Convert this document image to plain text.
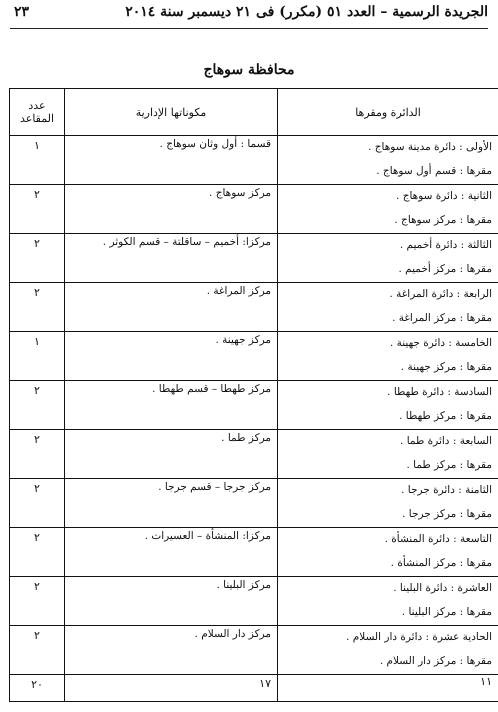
الجريدة الرسمية – العدد ٥١ (مكرر) فى ٢١ ديسمبر سنة ٢٠١٤
٢٣
محافظة سوهاج
الدائرة ومقرها	مكوناتها الإدارية	عدد المقاعد

الأولى : دائرة مدينة سوهاج .
مقرها : قسم أول سوهاج .	قسما : أول وثان سوهاج .	١

الثانية : دائرة سوهاج .
مقرها : مركز سوهاج .	مركز سوهاج .	٢

الثالثة : دائرة أخميم .
مقرها : مركز أخميم .	مركزا: أخميم – ساقلتة – قسم الكوثر .	٢

الرابعة : دائرة المراغة .
مقرها : مركز المراغة .	مركز المراغة .	٢

الخامسة : دائرة جهينة .
مقرها : مركز جهينة .	مركز جهينة .	١

السادسة : دائرة طهطا .
مقرها : مركز طهطا .	مركز طهطا – قسم طهطا .	٢

السابعة : دائرة طما .
مقرها : مركز طما .	مركز طما .	٢

الثامنة : دائرة جرجا .
مقرها : مركز جرجا .	مركز جرجا – قسم جرجا .	٢

التاسعة : دائرة المنشأة .
مقرها : مركز المنشأة .	مركزا: المنشأة – العسيرات .	٢

العاشرة : دائرة البلينا .
مقرها : مركز البلينا .	مركز البلينا .	٢

الحادية عشرة : دائرة دار السلام .
مقرها : مركز دار السلام .	مركز دار السلام .	٢
١١	١٧	٢٠
